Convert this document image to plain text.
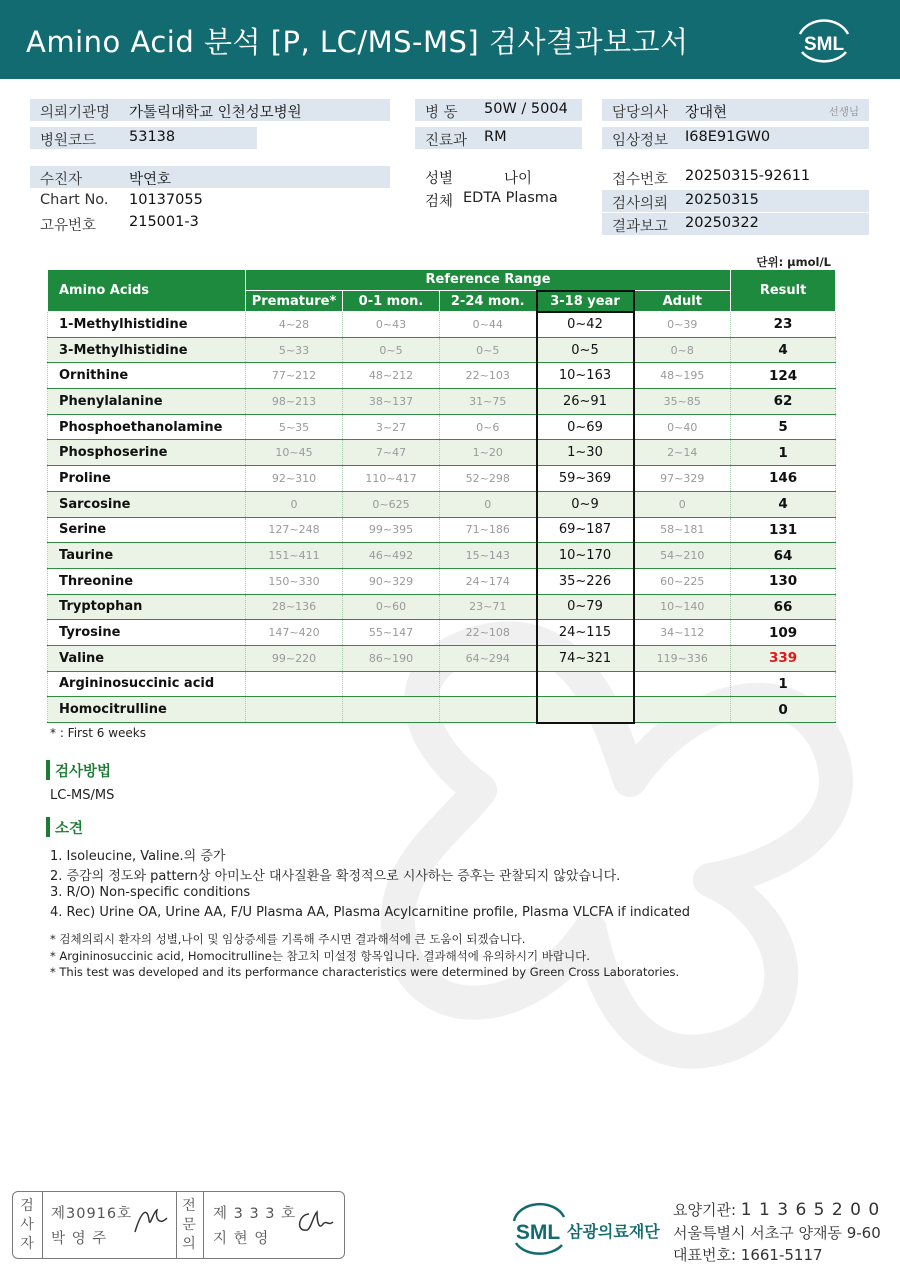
Amino Acid 분석 [P, LC/MS-MS] 검사결과보고서	SML
의뢰기관명 가톨릭대학교 인천성모병원
병원코드 53138
수진자	박연호
Chart No. 10137055
고유번호 215001-3
병 동 50W / 5004
진료과 RM
성별	나이
검체 EDTA Plasma
담당의사 장대현	선생님
임상정보 I68E91GW0
접수번호 20250315-92611
검사의뢰 20250315
결과보고 20250322
단위: μmol/L
Amino Acids	Reference Range					Result
	Premature*	0-1 mon.	2-24 mon.	3-18 year	Adult	
1-Methylhistidine	4~28	0~43	0~44	0~42	0~39	23
3-Methylhistidine	5~33	0~5	0~5	0~5	0~8	4
Ornithine	77~212	48~212	22~103	10~163	48~195	124
Phenylalanine	98~213	38~137	31~75	26~91	35~85	62
Phosphoethanolamine	5~35	3~27	0~6	0~69	0~40	5
Phosphoserine	10~45	7~47	1~20	1~30	2~14	1
Proline	92~310	110~417	52~298	59~369	97~329	146
Sarcosine	0	0~625	0	0~9	0	4
Serine	127~248	99~395	71~186	69~187	58~181	131
Taurine	151~411	46~492	15~143	10~170	54~210	64
Threonine	150~330	90~329	24~174	35~226	60~225	130
Tryptophan	28~136	0~60	23~71	0~79	10~140	66
Tyrosine	147~420	55~147	22~108	24~115	34~112	109
Valine	99~220	86~190	64~294	74~321	119~336	339
Argininosuccinic acid						1
Homocitrulline						0
* : First 6 weeks
검사방법
LC-MS/MS
소견
1. Isoleucine, Valine.의 증가
2. 증감의 정도와 pattern상 아미노산 대사질환을 확정적으로 시사하는 증후는 관찰되지 않았습니다.
3. R/O) Non-specific conditions
4. Rec) Urine OA, Urine AA, F/U Plasma AA, Plasma Acylcarnitine profile, Plasma VLCFA if indicated
* 검체의뢰시 환자의 성별,나이 및 임상증세를 기록해 주시면 결과해석에 큰 도움이 되겠습니다.
* Argininosuccinic acid, Homocitrulline는 참고치 미설정 항목입니다. 결과해석에 유의하시기 바랍니다.
* This test was developed and its performance characteristics were determined by Green Cross Laboratories.
검
사
자
제30916호
박 영 주
전
문
의
제 3 3 3 호
지 현 영	SML 삼광의료재단
요양기관: 1 1 3 6 5 2 0 0
서울특별시 서초구 양재동 9-60
대표번호: 1661-5117
